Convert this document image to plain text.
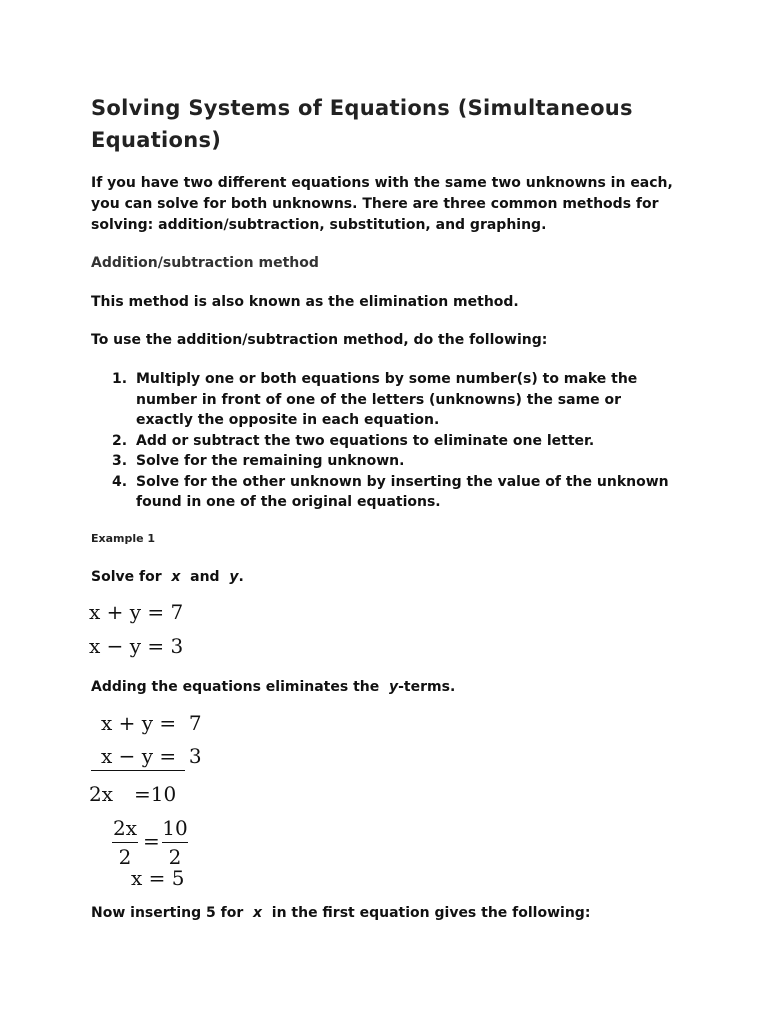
Solving Systems of Equations (Simultaneous Equations)

If you have two different equations with the same two unknowns in each, you can solve for both unknowns. There are three common methods for solving: addition/subtraction, substitution, and graphing.

Addition/subtraction method

This method is also known as the elimination method.

To use the addition/subtraction method, do the following:

1. Multiply one or both equations by some number(s) to make the number in front of one of the letters (unknowns) the same or exactly the opposite in each equation.
2. Add or subtract the two equations to eliminate one letter.
3. Solve for the remaining unknown.
4. Solve for the other unknown by inserting the value of the unknown found in one of the original equations.
Example 1

Solve for x and y.

x + y = 7
x − y = 3

Adding the equations eliminates the y-terms.

x + y =  7
x − y =  3
2x =10
2x
2
=
10
2
x = 5

Now inserting 5 for x in the first equation gives the following:
